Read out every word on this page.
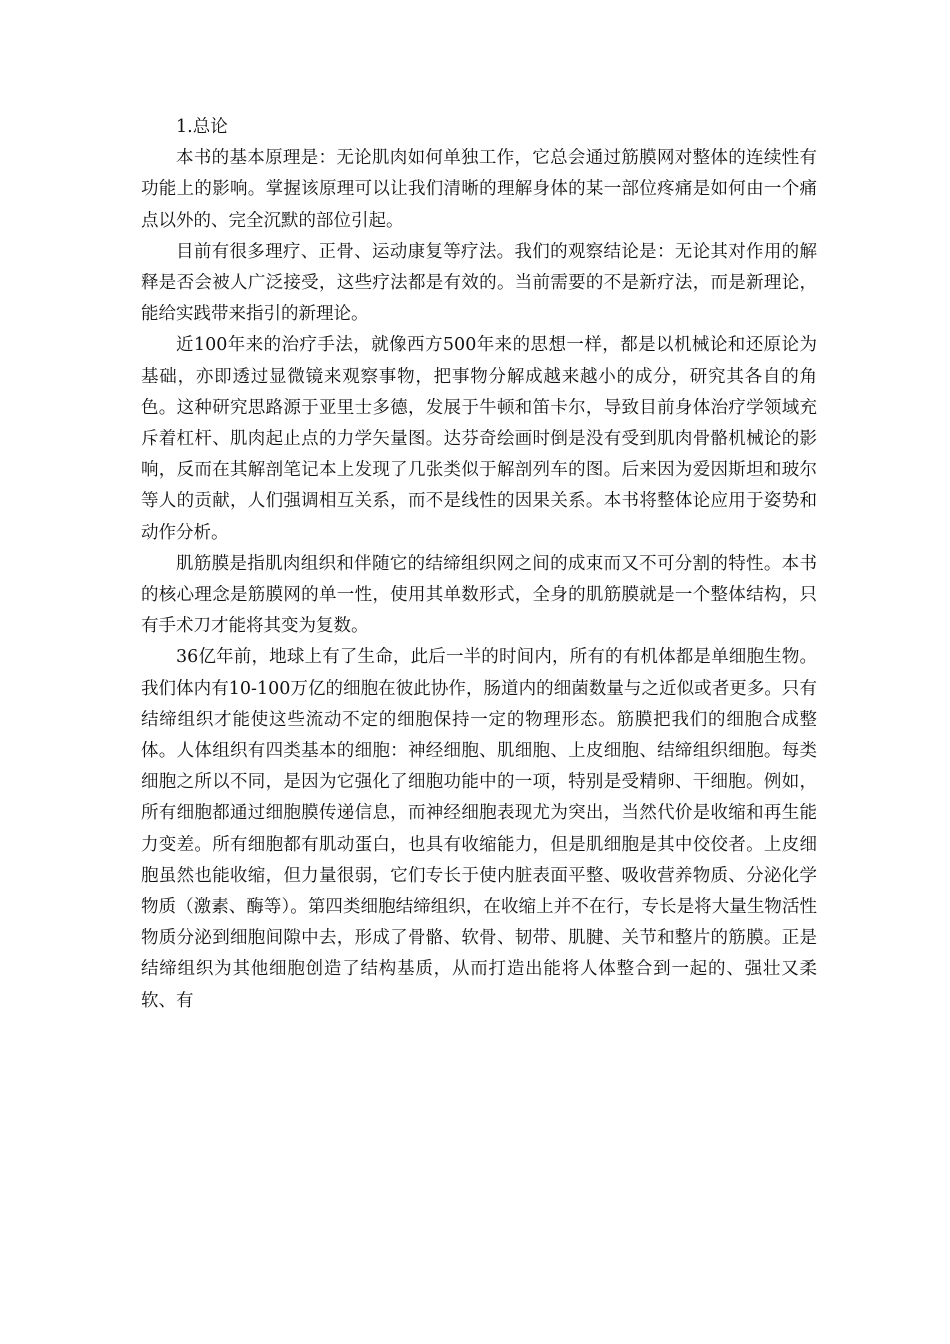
1.总论

本书的基本原理是：无论肌肉如何单独工作，它总会通过筋膜网对整体的连续性有功能上的影响。掌握该原理可以让我们清晰的理解身体的某一部位疼痛是如何由一个痛点以外的、完全沉默的部位引起。

目前有很多理疗、正骨、运动康复等疗法。我们的观察结论是：无论其对作用的解释是否会被人广泛接受，这些疗法都是有效的。当前需要的不是新疗法，而是新理论，能给实践带来指引的新理论。

近100年来的治疗手法，就像西方500年来的思想一样，都是以机械论和还原论为基础，亦即透过显微镜来观察事物，把事物分解成越来越小的成分，研究其各自的角色。这种研究思路源于亚里士多德，发展于牛顿和笛卡尔，导致目前身体治疗学领域充斥着杠杆、肌肉起止点的力学矢量图。达芬奇绘画时倒是没有受到肌肉骨骼机械论的影响，反而在其解剖笔记本上发现了几张类似于解剖列车的图。后来因为爱因斯坦和玻尔等人的贡献，人们强调相互关系，而不是线性的因果关系。本书将整体论应用于姿势和动作分析。

肌筋膜是指肌肉组织和伴随它的结缔组织网之间的成束而又不可分割的特性。本书的核心理念是筋膜网的单一性，使用其单数形式，全身的肌筋膜就是一个整体结构，只有手术刀才能将其变为复数。

36亿年前，地球上有了生命，此后一半的时间内，所有的有机体都是单细胞生物。我们体内有10-100万亿的细胞在彼此协作，肠道内的细菌数量与之近似或者更多。只有结缔组织才能使这些流动不定的细胞保持一定的物理形态。筋膜把我们的细胞合成整体。人体组织有四类基本的细胞：神经细胞、肌细胞、上皮细胞、结缔组织细胞。每类细胞之所以不同，是因为它强化了细胞功能中的一项，特别是受精卵、干细胞。例如，所有细胞都通过细胞膜传递信息，而神经细胞表现尤为突出，当然代价是收缩和再生能力变差。所有细胞都有肌动蛋白，也具有收缩能力，但是肌细胞是其中佼佼者。上皮细胞虽然也能收缩，但力量很弱，它们专长于使内脏表面平整、吸收营养物质、分泌化学物质（激素、酶等）。第四类细胞结缔组织，在收缩上并不在行，专长是将大量生物活性物质分泌到细胞间隙中去，形成了骨骼、软骨、韧带、肌腱、关节和整片的筋膜。正是结缔组织为其他细胞创造了结构基质，从而打造出能将人体整合到一起的、强壮又柔软、有
